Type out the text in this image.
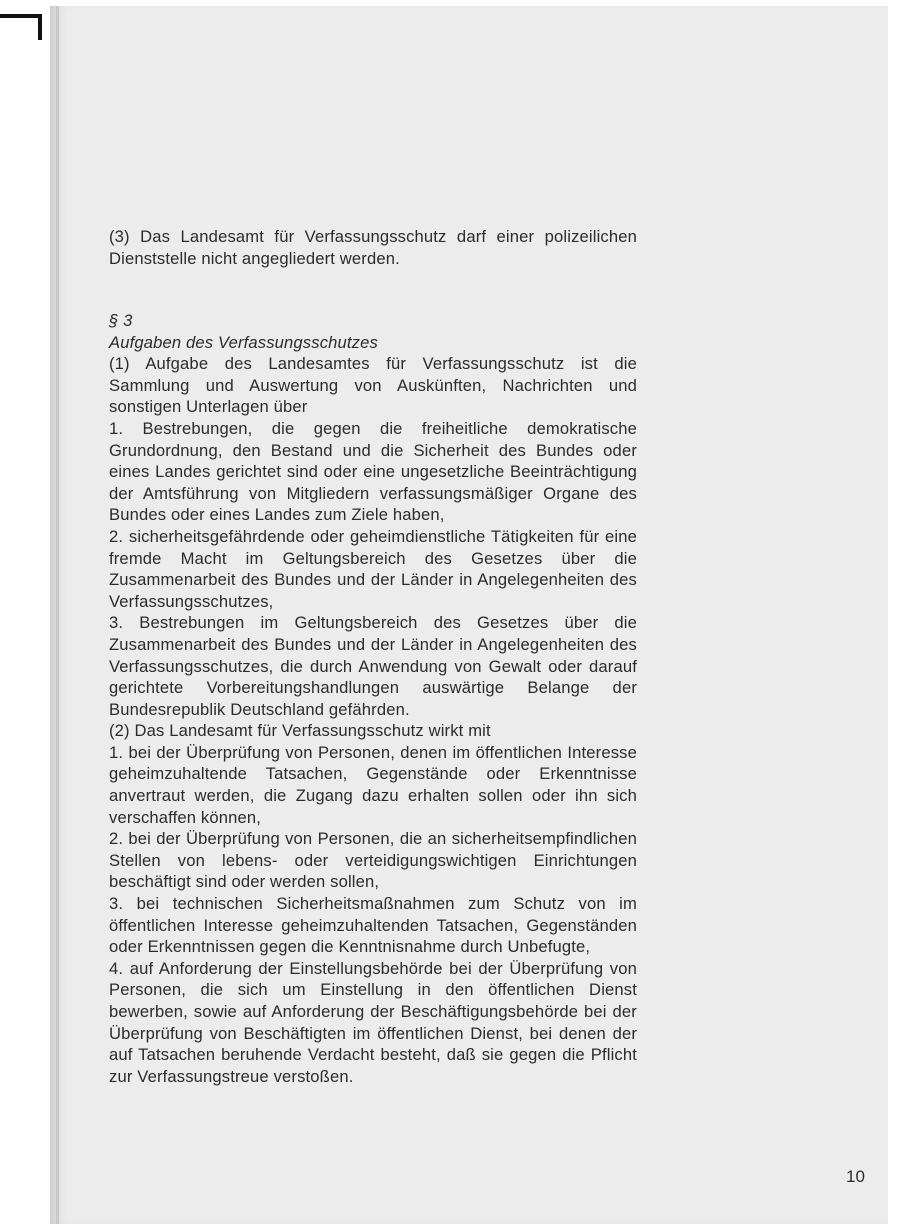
(3) Das Landesamt für Verfassungsschutz darf einer polizeilichen Dienststelle nicht angegliedert werden.

§ 3

Aufgaben des Verfassungsschutzes

(1) Aufgabe des Landesamtes für Verfassungsschutz ist die Sammlung und Auswertung von Auskünften, Nachrichten und sonstigen Unterlagen über

1. Bestrebungen, die gegen die freiheitliche demokratische Grundordnung, den Bestand und die Sicherheit des Bundes oder eines Landes gerichtet sind oder eine ungesetzliche Beeinträchtigung der Amtsführung von Mitgliedern verfassungsmäßiger Organe des Bundes oder eines Landes zum Ziele haben,

2. sicherheitsgefährdende oder geheimdienstliche Tätigkeiten für eine fremde Macht im Geltungsbereich des Gesetzes über die Zusammenarbeit des Bundes und der Länder in Angelegenheiten des Verfassungsschutzes,

3. Bestrebungen im Geltungsbereich des Gesetzes über die Zusammenarbeit des Bundes und der Länder in Angelegenheiten des Verfassungsschutzes, die durch Anwendung von Gewalt oder darauf gerichtete Vorbereitungshandlungen auswärtige Belange der Bundesrepublik Deutschland gefährden.

(2) Das Landesamt für Verfassungsschutz wirkt mit

1. bei der Überprüfung von Personen, denen im öffentlichen Interesse geheimzuhaltende Tatsachen, Gegenstände oder Erkenntnisse anvertraut werden, die Zugang dazu erhalten sollen oder ihn sich verschaffen können,

2. bei der Überprüfung von Personen, die an sicherheitsempfindlichen Stellen von lebens- oder verteidigungswichtigen Einrichtungen beschäftigt sind oder werden sollen,

3. bei technischen Sicherheitsmaßnahmen zum Schutz von im öffentlichen Interesse geheimzuhaltenden Tatsachen, Gegenständen oder Erkenntnissen gegen die Kenntnisnahme durch Unbefugte,

4. auf Anforderung der Einstellungsbehörde bei der Überprüfung von Personen, die sich um Einstellung in den öffentlichen Dienst bewerben, sowie auf Anforderung der Beschäftigungsbehörde bei der Überprüfung von Beschäftigten im öffentlichen Dienst, bei denen der auf Tatsachen beruhende Verdacht besteht, daß sie gegen die Pflicht zur Verfassungstreue verstoßen.

10
